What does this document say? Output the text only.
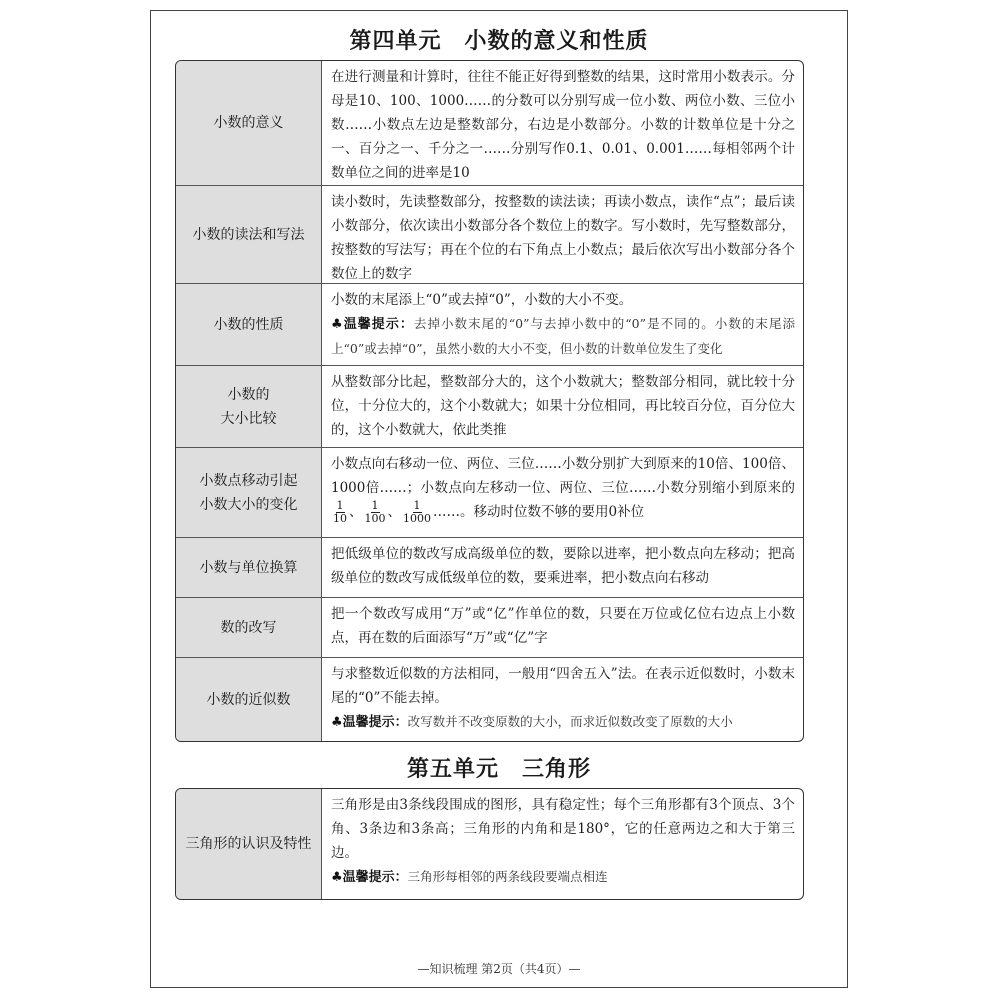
第四单元　小数的意义和性质
小数的意义
在进行测量和计算时，往往不能正好得到整数的结果，这时常用小数表示。分母是10、100、1000……的分数可以分别写成一位小数、两位小数、三位小数……小数点左边是整数部分，右边是小数部分。小数的计数单位是十分之一、百分之一、千分之一……分别写作0.1、0.01、0.001……每相邻两个计数单位之间的进率是10
小数的读法和写法
读小数时，先读整数部分，按整数的读法读；再读小数点，读作“点”；最后读小数部分，依次读出小数部分各个数位上的数字。写小数时，先写整数部分，按整数的写法写；再在个位的右下角点上小数点；最后依次写出小数部分各个数位上的数字
小数的性质
小数的末尾添上“0”或去掉“0”，小数的大小不变。
♣温馨提示：去掉小数末尾的“0”与去掉小数中的“0”是不同的。小数的末尾添上“0”或去掉“0”，虽然小数的大小不变，但小数的计数单位发生了变化
小数的
大小比较
从整数部分比起，整数部分大的，这个小数就大；整数部分相同，就比较十分位，十分位大的，这个小数就大；如果十分位相同，再比较百分位，百分位大的，这个小数就大，依此类推
小数点移动引起
小数大小的变化
小数点向右移动一位、两位、三位……小数分别扩大到原来的10倍、100倍、1000倍……；小数点向左移动一位、两位、三位……小数分别缩小到原来的
$\frac{1}{10}$ 、 $\frac{1}{100}$ 、 $\frac{1}{1000}$ ……。移动时位数不够的要用0补位
小数与单位换算
把低级单位的数改写成高级单位的数，要除以进率，把小数点向左移动；把高级单位的数改写成低级单位的数，要乘进率，把小数点向右移动
数的改写
把一个数改写成用“万”或“亿”作单位的数，只要在万位或亿位右边点上小数点，再在数的后面添写“万”或“亿”字
小数的近似数
与求整数近似数的方法相同，一般用“四舍五入”法。在表示近似数时，小数末尾的“0”不能去掉。
♣温馨提示：改写数并不改变原数的大小，而求近似数改变了原数的大小
第五单元　三角形
三角形的认识及特性
三角形是由3条线段围成的图形，具有稳定性；每个三角形都有3个顶点、3个角、3条边和3条高；三角形的内角和是180°，它的任意两边之和大于第三边。
♣温馨提示：三角形每相邻的两条线段要端点相连
—知识梳理 第2页（共4页）—
